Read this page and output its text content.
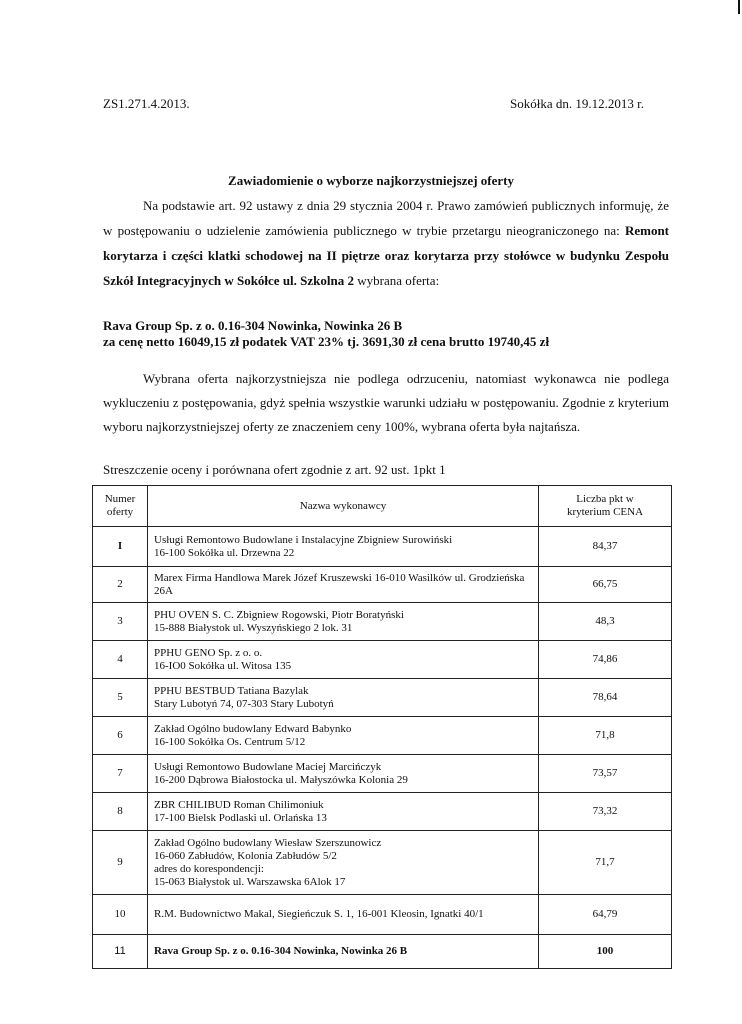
ZS1.271.4.2013.	Sokółka dn. 19.12.2013 r.
Zawiadomienie o wyborze najkorzystniejszej oferty
Na podstawie art. 92 ustawy z dnia 29 stycznia 2004 r. Prawo zamówień publicznych informuję, że w postępowaniu o udzielenie zamówienia publicznego w trybie przetargu nieograniczonego na: Remont korytarza i części klatki schodowej na II piętrze oraz korytarza przy stołówce w budynku Zespołu Szkół Integracyjnych w Sokółce ul. Szkolna 2 wybrana oferta:
Rava Group Sp. z o. 0.16-304 Nowinka, Nowinka 26 B
za cenę netto 16049,15 zł podatek VAT 23% tj. 3691,30 zł cena brutto 19740,45 zł
Wybrana oferta najkorzystniejsza nie podlega odrzuceniu, natomiast wykonawca nie podlega wykluczeniu z postępowania, gdyż spełnia wszystkie warunki udziału w postępowaniu. Zgodnie z kryterium wyboru najkorzystniejszej oferty ze znaczeniem ceny 100%, wybrana oferta była najtańsza.
Streszczenie oceny i porównana ofert zgodnie z art. 92 ust. 1pkt 1
Numer
oferty	Nazwa wykonawcy	Liczba pkt w
kryterium CENA
I	Usługi Remontowo Budowlane i Instalacyjne Zbigniew Surowiński
16-100 Sokółka ul. Drzewna 22	84,37
2	Marex Firma Handlowa Marek Józef Kruszewski 16-010 Wasilków ul. Grodzieńska 26A	66,75
3	PHU OVEN S. C. Zbigniew Rogowski, Piotr Boratyński
15-888 Białystok ul. Wyszyńskiego 2 lok. 31	48,3
4	PPHU GENO Sp. z o. o.
16-IO0 Sokółka ul. Witosa 135	74,86
5	PPHU BESTBUD Tatiana Bazylak
Stary Lubotyń 74, 07-303 Stary Lubotyń	78,64
6	Zakład Ogólno budowlany Edward Babynko
16-100 Sokółka Os. Centrum 5/12	71,8
7	Usługi Remontowo Budowlane Maciej Marcińczyk
16-200 Dąbrowa Białostocka ul. Małyszówka Kolonia 29	73,57
8	ZBR CHILIBUD Roman Chilimoniuk
17-100 Bielsk Podlaski ul. Orlańska 13	73,32
9	Zakład Ogólno budowlany Wiesław Szerszunowicz
16-060 Zabłudów, Kolonia Zabłudów 5/2
adres do korespondencji:
15-063 Białystok ul. Warszawska 6Alok 17	71,7
10	R.M. Budownictwo Makal, Siegieńczuk S. 1, 16-001 Kleosin, Ignatki 40/1	64,79
11	Rava Group Sp. z o. 0.16-304 Nowinka, Nowinka 26 B	100
